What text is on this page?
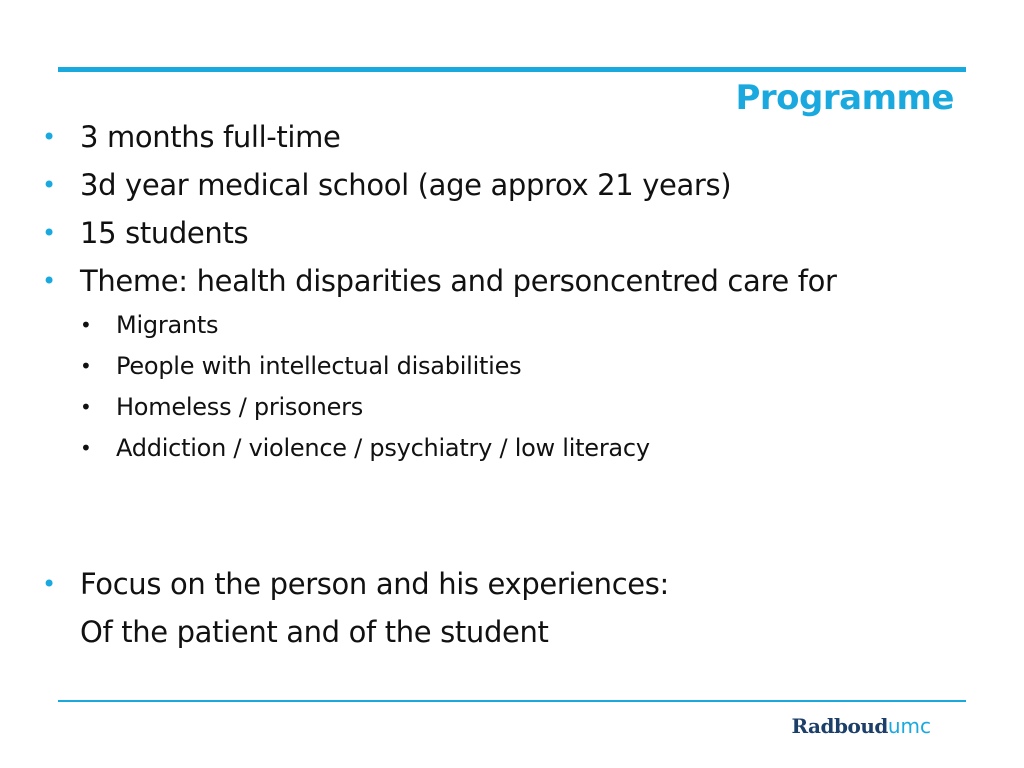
Programme
• 3 months full-time
• 3d year medical school (age approx 21 years)
• 15 students
• Theme: health disparities and personcentred care for
• Migrants
• People with intellectual disabilities
• Homeless / prisoners
• Addiction / violence / psychiatry / low literacy
• Focus on the person and his experiences:
Of the patient and of the student
Radboudumc
